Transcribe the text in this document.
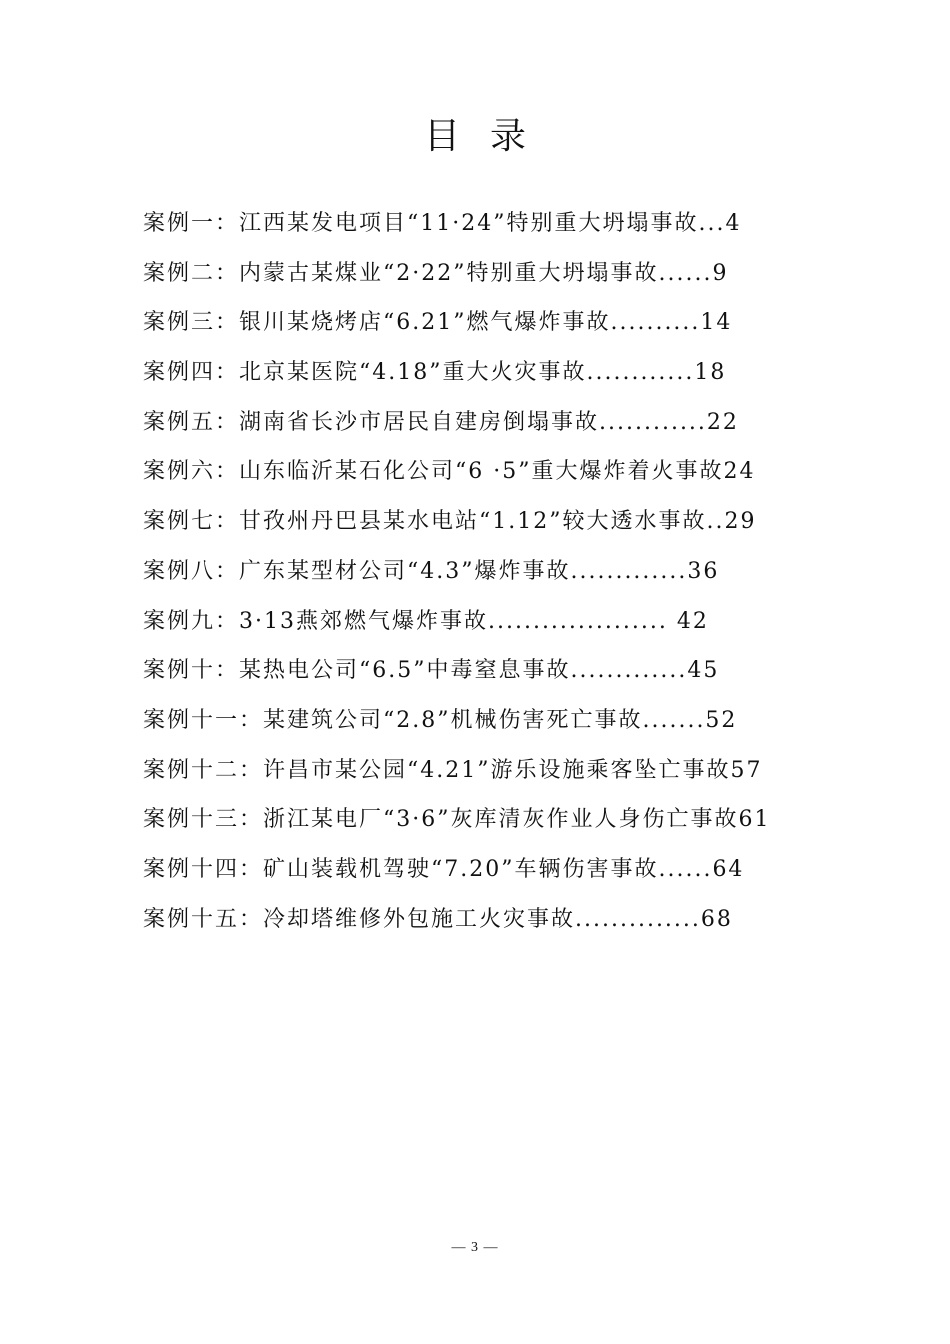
目录
案例一：江西某发电项目“11·24”特别重大坍塌事故...4
案例二：内蒙古某煤业“2·22”特别重大坍塌事故......9
案例三：银川某烧烤店“6.21”燃气爆炸事故..........14
案例四：北京某医院“4.18”重大火灾事故............18
案例五：湖南省长沙市居民自建房倒塌事故............22
案例六：山东临沂某石化公司“6 ·5”重大爆炸着火事故24
案例七：甘孜州丹巴县某水电站“1.12”较大透水事故..29
案例八：广东某型材公司“4.3”爆炸事故.............36
案例九：3·13燕郊燃气爆炸事故.................... 42
案例十：某热电公司“6.5”中毒窒息事故.............45
案例十一：某建筑公司“2.8”机械伤害死亡事故.......52
案例十二：许昌市某公园“4.21”游乐设施乘客坠亡事故57
案例十三：浙江某电厂“3·6”灰库清灰作业人身伤亡事故61
案例十四：矿山装载机驾驶“7.20”车辆伤害事故......64
案例十五：冷却塔维修外包施工火灾事故..............68
— 3 —
